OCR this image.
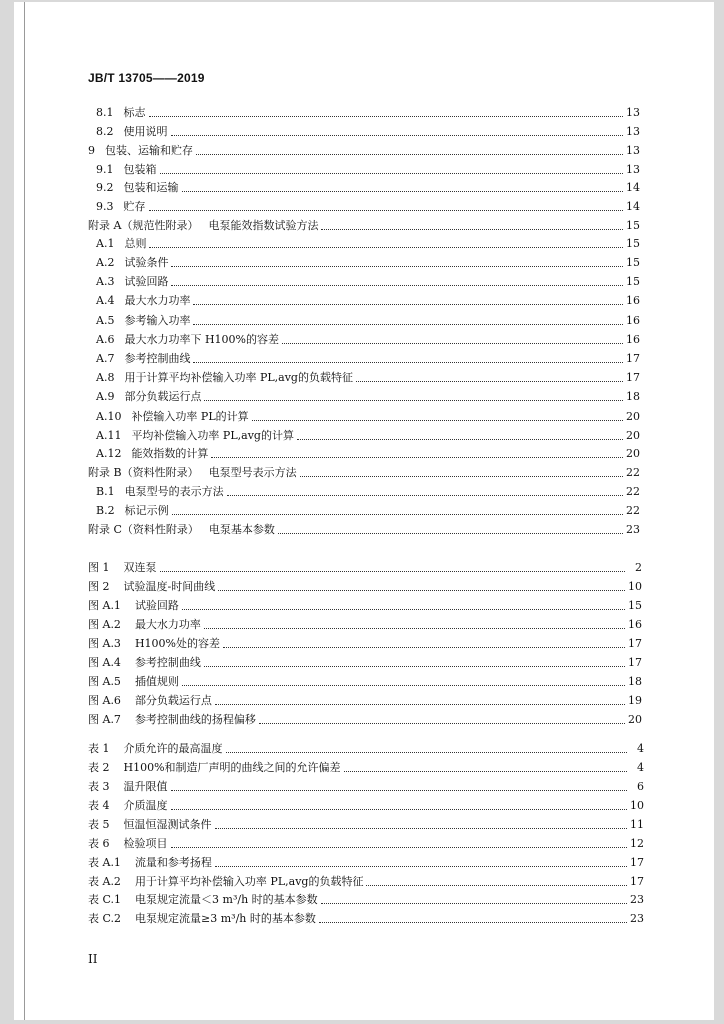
JB/T 13705——2019
8.1 标志	13
8.2 使用说明	13
9 包装、运输和贮存	13
9.1 包装箱	13
9.2 包装和运输	14
9.3 贮存	14
附录 A（规范性附录） 电泵能效指数试验方法	15
A.1 总则	15
A.2 试验条件	15
A.3 试验回路	15
A.4 最大水力功率	16
A.5 参考输入功率	16
A.6 最大水力功率下 H100%的容差	16
A.7 参考控制曲线	17
A.8 用于计算平均补偿输入功率 PL,avg的负载特征	17
A.9 部分负载运行点	18
A.10 补偿输入功率 PL的计算	20
A.11 平均补偿输入功率 PL,avg的计算	20
A.12 能效指数的计算	20
附录 B（资料性附录） 电泵型号表示方法	22
B.1 电泵型号的表示方法	22
B.2 标记示例	22
附录 C（资料性附录） 电泵基本参数	23
图 1 双连泵	2
图 2 试验温度-时间曲线	10
图 A.1 试验回路	15
图 A.2 最大水力功率	16
图 A.3 H100%处的容差	17
图 A.4 参考控制曲线	17
图 A.5 插值规则	18
图 A.6 部分负载运行点	19
图 A.7 参考控制曲线的扬程偏移	20
表 1 介质允许的最高温度	4
表 2 H100%和制造厂声明的曲线之间的允许偏差	4
表 3 温升限值	6
表 4 介质温度	10
表 5 恒温恒湿测试条件	11
表 6 检验项目	12
表 A.1 流量和参考扬程	17
表 A.2 用于计算平均补偿输入功率 PL,avg的负载特征	17
表 C.1 电泵规定流量＜3 m³/h 时的基本参数	23
表 C.2 电泵规定流量≥3 m³/h 时的基本参数	23
II
